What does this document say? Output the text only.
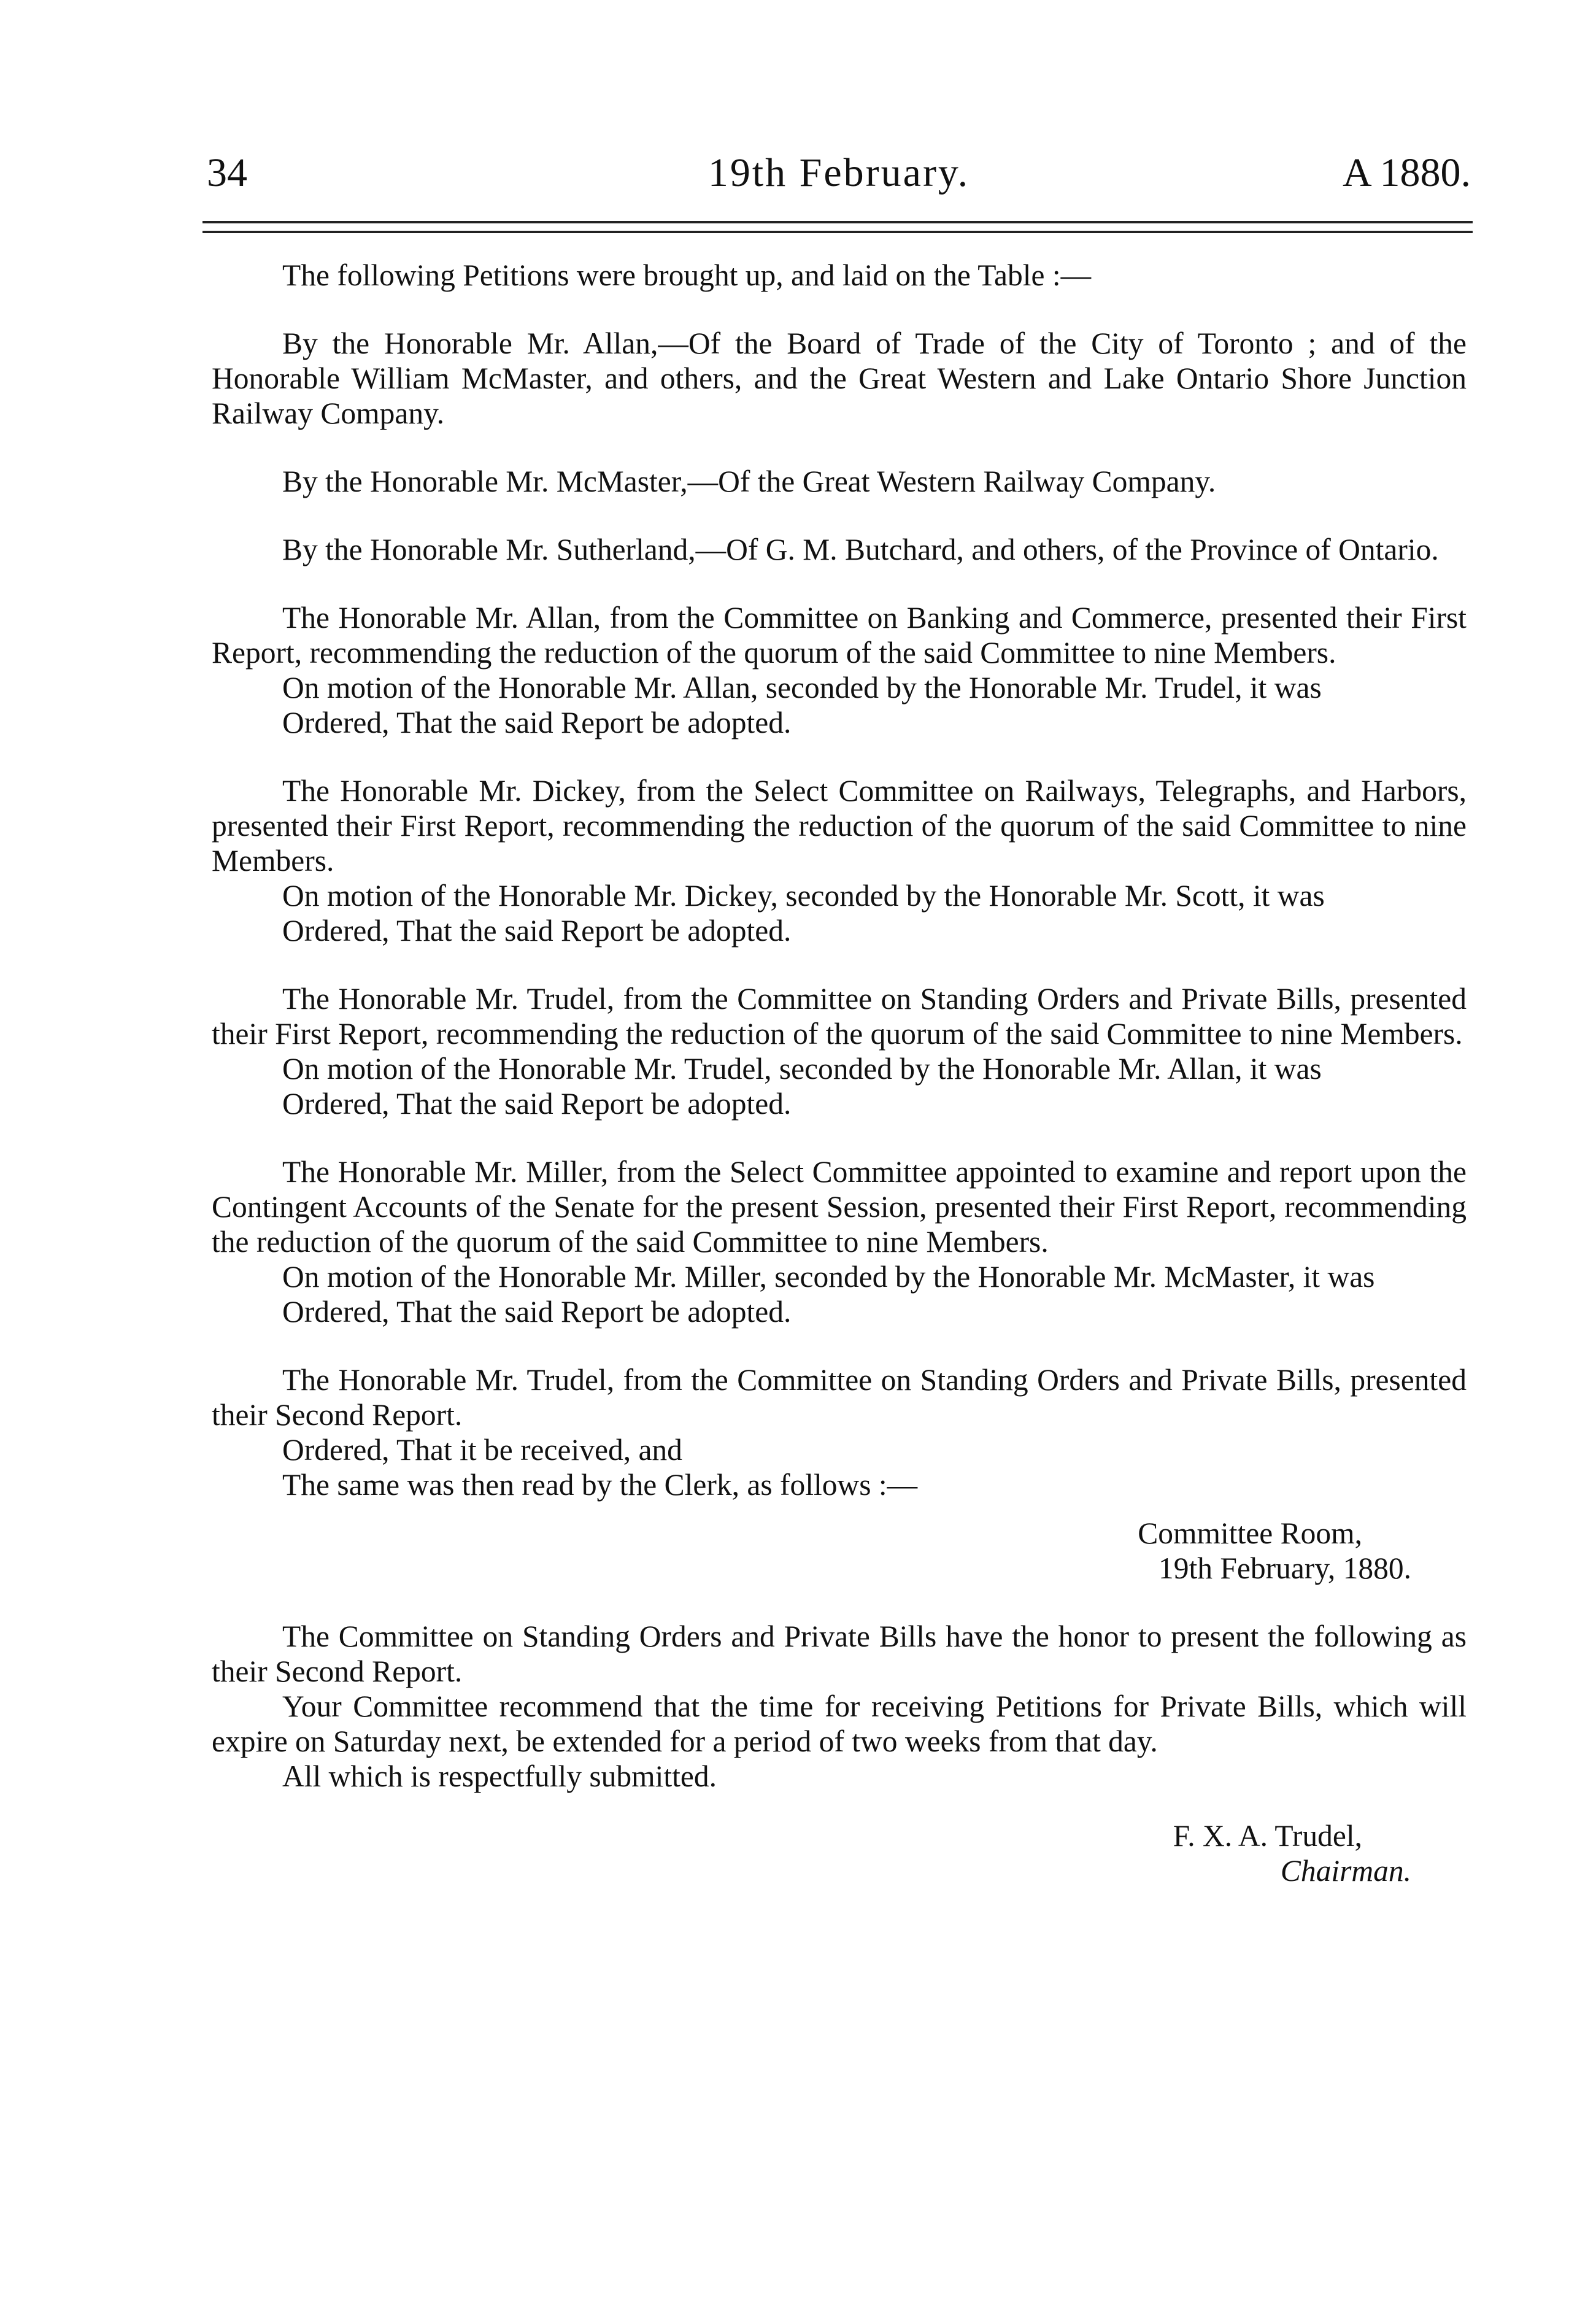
34	19th February.	A 1880.

The following Petitions were brought up, and laid on the Table :—

By the Honorable Mr. Allan,—Of the Board of Trade of the City of Toronto ; and of the Honorable William McMaster, and others, and the Great Western and Lake Ontario Shore Junction Railway Company.

By the Honorable Mr. McMaster,—Of the Great Western Railway Company.

By the Honorable Mr. Sutherland,—Of G. M. Butchard, and others, of the Province of Ontario.

The Honorable Mr. Allan, from the Committee on Banking and Commerce, presented their First Report, recommending the reduction of the quorum of the said Committee to nine Members.

On motion of the Honorable Mr. Allan, seconded by the Honorable Mr. Trudel, it was

Ordered, That the said Report be adopted.

The Honorable Mr. Dickey, from the Select Committee on Railways, Telegraphs, and Harbors, presented their First Report, recommending the reduction of the quorum of the said Committee to nine Members.

On motion of the Honorable Mr. Dickey, seconded by the Honorable Mr. Scott, it was

Ordered, That the said Report be adopted.

The Honorable Mr. Trudel, from the Committee on Standing Orders and Private Bills, presented their First Report, recommending the reduction of the quorum of the said Committee to nine Members.

On motion of the Honorable Mr. Trudel, seconded by the Honorable Mr. Allan, it was

Ordered, That the said Report be adopted.

The Honorable Mr. Miller, from the Select Committee appointed to examine and report upon the Contingent Accounts of the Senate for the present Session, presented their First Report, recommending the reduction of the quorum of the said Committee to nine Members.

On motion of the Honorable Mr. Miller, seconded by the Honorable Mr. McMaster, it was

Ordered, That the said Report be adopted.

The Honorable Mr. Trudel, from the Committee on Standing Orders and Private Bills, presented their Second Report.

Ordered, That it be received, and

The same was then read by the Clerk, as follows :—

Committee Room,

19th February, 1880.

The Committee on Standing Orders and Private Bills have the honor to present the following as their Second Report.

Your Committee recommend that the time for receiving Petitions for Private Bills, which will expire on Saturday next, be extended for a period of two weeks from that day.

All which is respectfully submitted.

F. X. A. Trudel,

Chairman.
